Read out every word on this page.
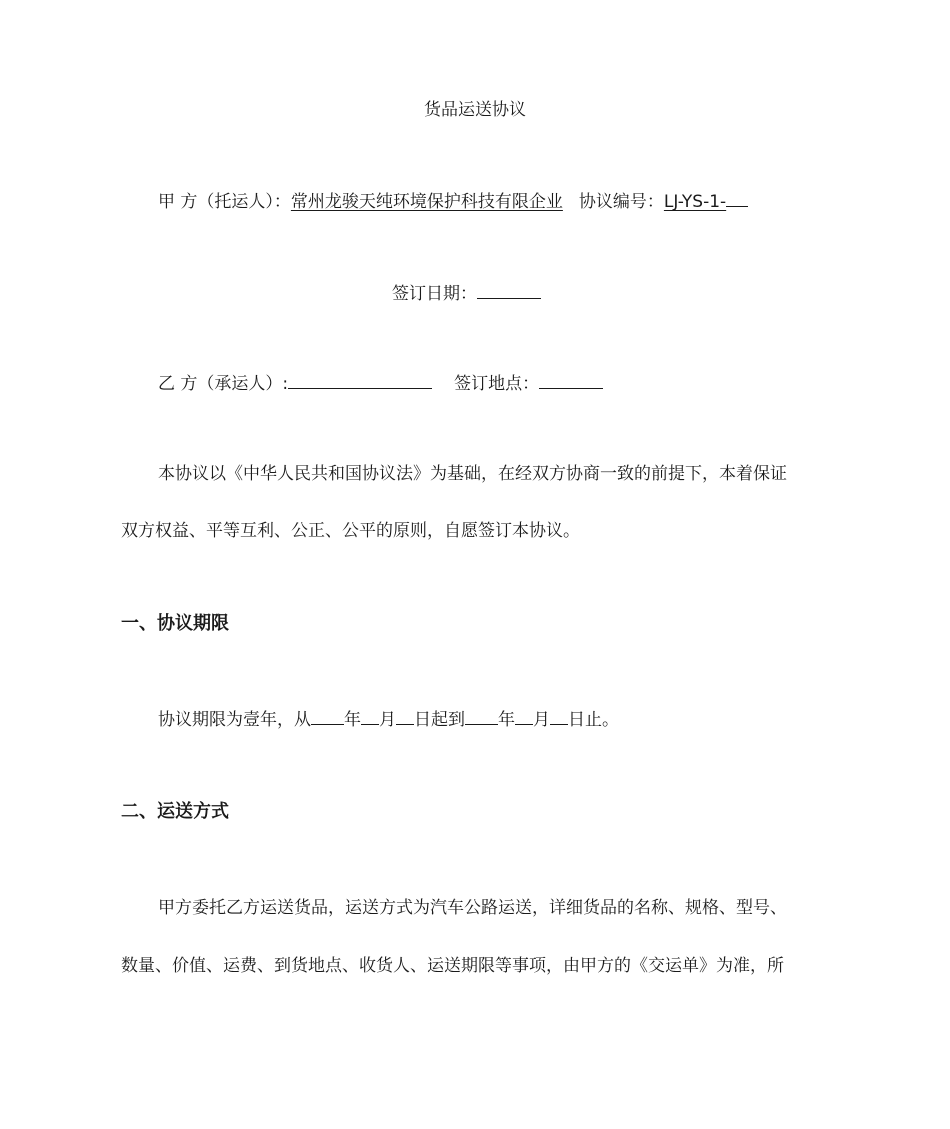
货品运送协议
甲 方（托运人）：常州龙骏天纯环境保护科技有限企业 协议编号：LJ-YS-1-
签订日期：
乙 方（承运人）:	签订地点：
本协议以《中华人民共和国协议法》为基础，在经双方协商一致的前提下，本着保证
双方权益、平等互利、公正、公平的原则，自愿签订本协议。
一、协议期限
协议期限为壹年，从 年 月 日起到 年 月 日止。
二、运送方式
甲方委托乙方运送货品，运送方式为汽车公路运送，详细货品的名称、规格、型号、
数量、价值、运费、到货地点、收货人、运送期限等事项，由甲方的《交运单》为准，所
